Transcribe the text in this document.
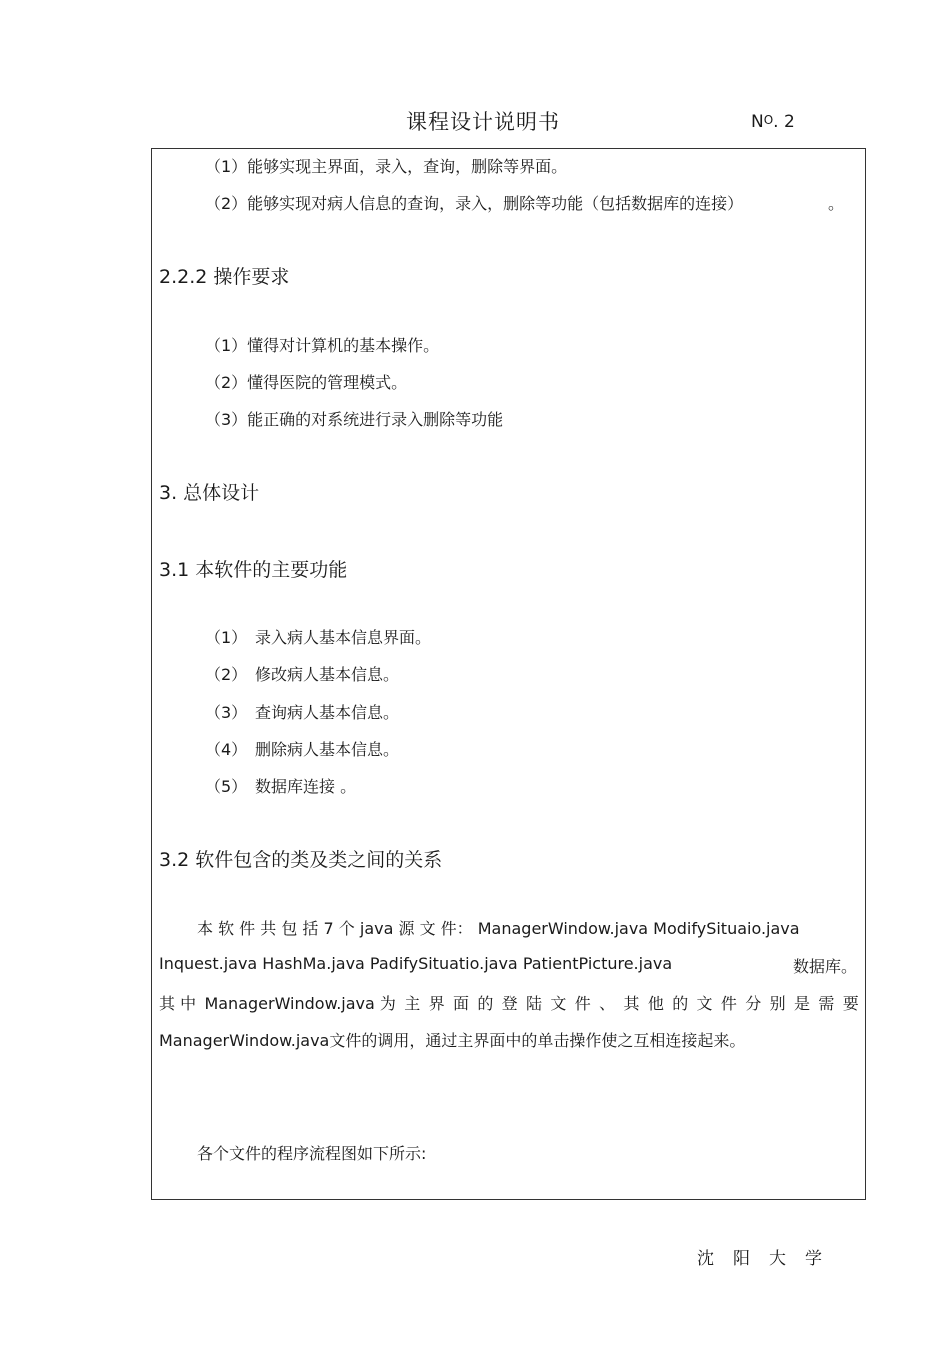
课程设计说明书	NO. 2
（1）能够实现主界面，录入，查询，删除等界面。
（2）能够实现对病人信息的查询，录入，删除等功能（包括数据库的连接）	。
2.2.2 操作要求
（1）懂得对计算机的基本操作。
（2）懂得医院的管理模式。
（3）能正确的对系统进行录入删除等功能
3. 总体设计
3.1 本软件的主要功能
（1） 录入病人基本信息界面。
（2） 修改病人基本信息。
（3） 查询病人基本信息。
（4） 删除病人基本信息。
（5） 数据库连接 。
3.2 软件包含的类及类之间的关系
本 软 件 共 包 括 7 个 java 源 文 件： ManagerWindow.java ModifySituaio.java
Inquest.java HashMa.java PadifySituatio.java PatientPicture.java	数据库。
其 中 ManagerWindow.java 为 主 界 面 的 登 陆 文 件 、 其 他 的 文 件 分 别 是 需 要
ManagerWindow.java文件的调用，通过主界面中的单击操作使之互相连接起来。
各个文件的程序流程图如下所示:
沈阳大学
